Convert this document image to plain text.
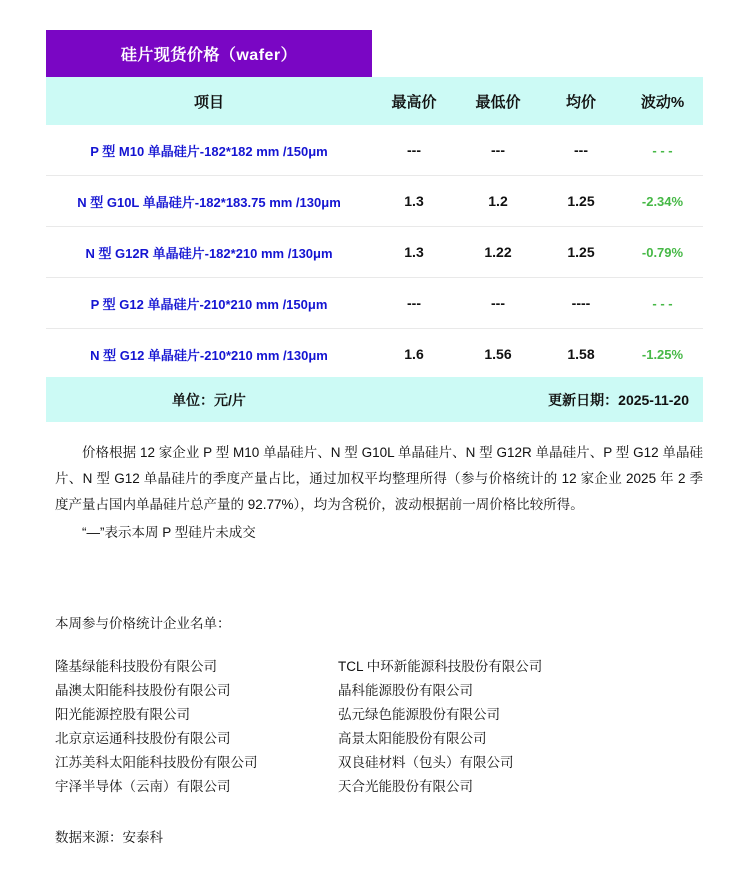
硅片现货价格（wafer）
项目	最高价	最低价	均价	波动%
P 型 M10 单晶硅片-182*182 mm /150μm	---	---	---	- - -
N 型 G10L 单晶硅片-182*183.75 mm /130μm	1.3	1.2	1.25	-2.34%
N 型 G12R 单晶硅片-182*210 mm /130μm	1.3	1.22	1.25	-0.79%
P 型 G12 单晶硅片-210*210 mm /150μm	---	---	----	- - -
N 型 G12 单晶硅片-210*210 mm /130μm	1.6	1.56	1.58	-1.25%
单位：元/片	更新日期：2025-11-20

价格根据 12 家企业 P 型 M10 单晶硅片、N 型 G10L 单晶硅片、N 型 G12R 单晶硅片、P 型 G12 单晶硅片、N 型 G12 单晶硅片的季度产量占比，通过加权平均整理所得（参与价格统计的 12 家企业 2025 年 2 季度产量占国内单晶硅片总产量的 92.77%），均为含税价，波动根据前一周价格比较所得。

“—”表示本周 P 型硅片未成交

本周参与价格统计企业名单：
隆基绿能科技股份有限公司
晶澳太阳能科技股份有限公司
阳光能源控股有限公司
北京京运通科技股份有限公司
江苏美科太阳能科技股份有限公司
宇泽半导体（云南）有限公司
TCL 中环新能源科技股份有限公司
晶科能源股份有限公司
弘元绿色能源股份有限公司
高景太阳能股份有限公司
双良硅材料（包头）有限公司
天合光能股份有限公司
数据来源：安泰科
